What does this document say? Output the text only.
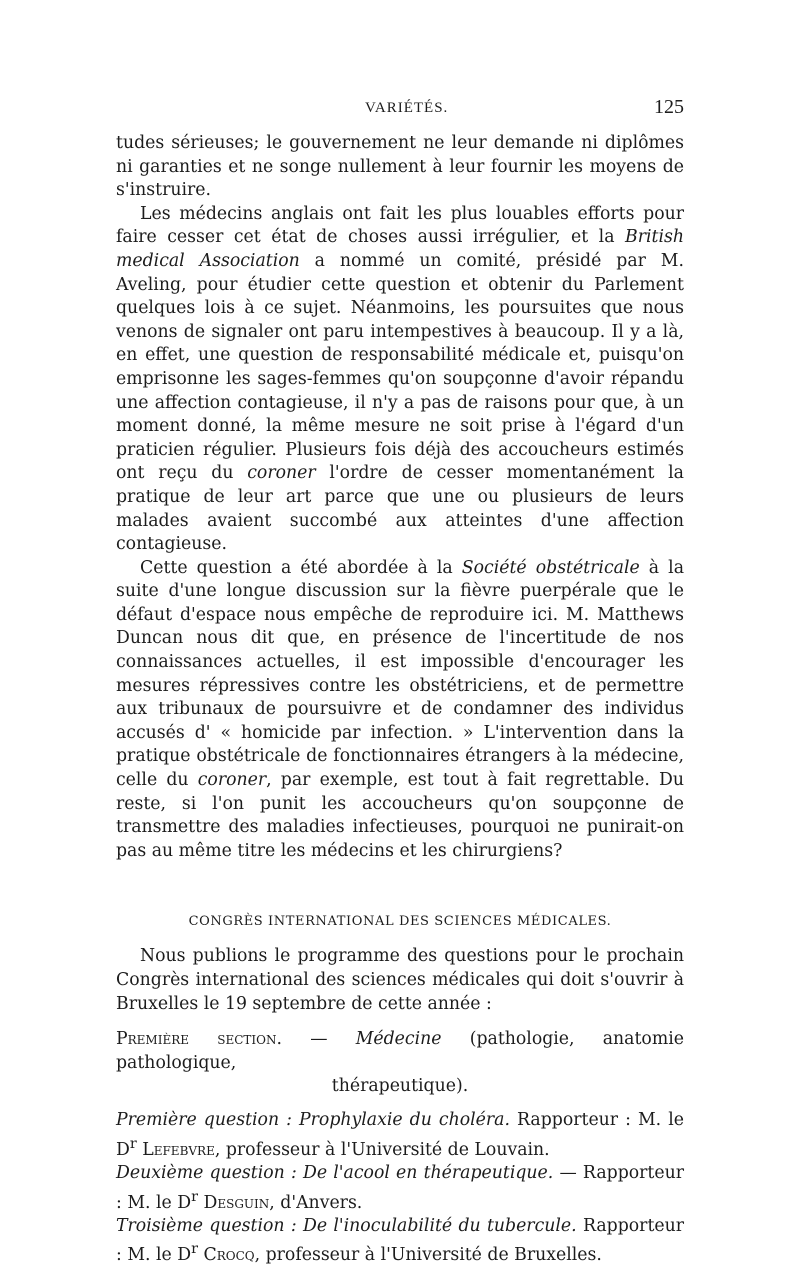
VARIÉTÉS.	125

tudes sérieuses; le gouvernement ne leur demande ni diplômes ni garanties et ne songe nullement à leur fournir les moyens de s'instruire.

Les médecins anglais ont fait les plus louables efforts pour faire cesser cet état de choses aussi irrégulier, et la British medical Association a nommé un comité, présidé par M. Aveling, pour étudier cette question et obtenir du Parlement quelques lois à ce sujet. Néanmoins, les poursuites que nous venons de signaler ont paru intempestives à beaucoup. Il y a là, en effet, une question de responsabilité médicale et, puisqu'on emprisonne les sages-femmes qu'on soupçonne d'avoir répandu une affection contagieuse, il n'y a pas de raisons pour que, à un moment donné, la même mesure ne soit prise à l'égard d'un praticien régulier. Plusieurs fois déjà des accoucheurs estimés ont reçu du coroner l'ordre de cesser momentanément la pratique de leur art parce que une ou plusieurs de leurs malades avaient succombé aux atteintes d'une affection contagieuse.

Cette question a été abordée à la Société obstétricale à la suite d'une longue discussion sur la fièvre puerpérale que le défaut d'espace nous empêche de reproduire ici. M. Matthews Duncan nous dit que, en présence de l'incertitude de nos connaissances actuelles, il est impossible d'encourager les mesures répressives contre les obstétriciens, et de permettre aux tribunaux de poursuivre et de condamner des individus accusés d' « homicide par infection. » L'intervention dans la pratique obstétricale de fonctionnaires étrangers à la médecine, celle du coroner, par exemple, est tout à fait regrettable. Du reste, si l'on punit les accoucheurs qu'on soupçonne de transmettre des maladies infectieuses, pourquoi ne punirait-on pas au même titre les médecins et les chirurgiens?

CONGRÈS INTERNATIONAL DES SCIENCES MÉDICALES.

Nous publions le programme des questions pour le prochain Congrès international des sciences médicales qui doit s'ouvrir à Bruxelles le 19 septembre de cette année :

Première section. — Médecine (pathologie, anatomie pathologique,
thérapeutique).

Première question : Prophylaxie du choléra. Rapporteur : M. le $D^r$ Lefebvre, professeur à l'Université de Louvain.

Deuxième question : De l'acool en thérapeutique. — Rapporteur : M. le $D^r$ Desguin, d'Anvers.

Troisième question : De l'inoculabilité du tubercule. Rapporteur : M. le $D^r$ Crocq, professeur à l'Université de Bruxelles.
